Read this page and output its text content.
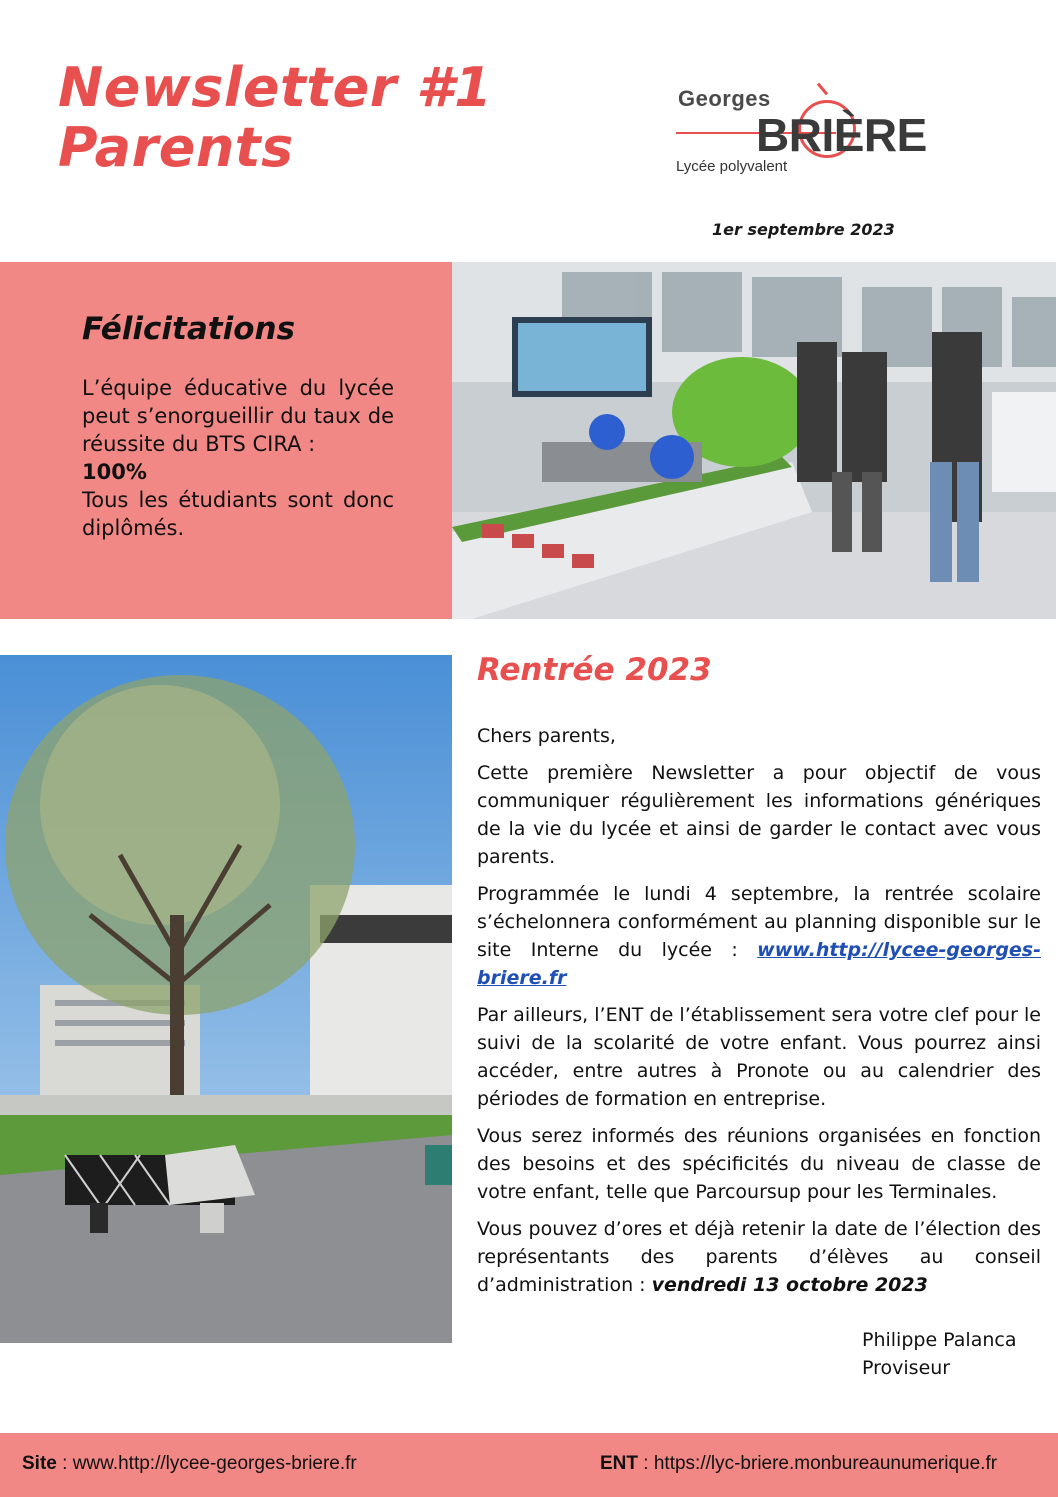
Newsletter #1
Parents
Georges
BRIÈRE
Lycée polyvalent
1er septembre 2023
Félicitations
L’équipe éducative du lycée peut s’enorgueillir du taux de réussite du BTS CIRA :
100%
Tous les étudiants sont donc diplômés.
Rentrée 2023

Chers parents,

Cette première Newsletter a pour objectif de vous communiquer régulièrement les informations génériques de la vie du lycée et ainsi de garder le contact avec vous parents.

Programmée le lundi 4 septembre, la rentrée scolaire s’échelonnera conformément au planning disponible sur le site Interne du lycée : www.http://lycee-georges-briere.fr

Par ailleurs, l’ENT de l’établissement sera votre clef pour le suivi de la scolarité de votre enfant. Vous pourrez ainsi accéder, entre autres à Pronote ou au calendrier des périodes de formation en entreprise.

Vous serez informés des réunions organisées en fonction des besoins et des spécificités du niveau de classe de votre enfant, telle que Parcoursup pour les Terminales.

Vous pouvez d’ores et déjà retenir la date de l’élection des représentants des parents d’élèves au conseil d’administration : vendredi 13 octobre 2023

Philippe Palanca
Proviseur
Site : www.http://lycee-georges-briere.fr	ENT : https://lyc-briere.monbureaunumerique.fr
